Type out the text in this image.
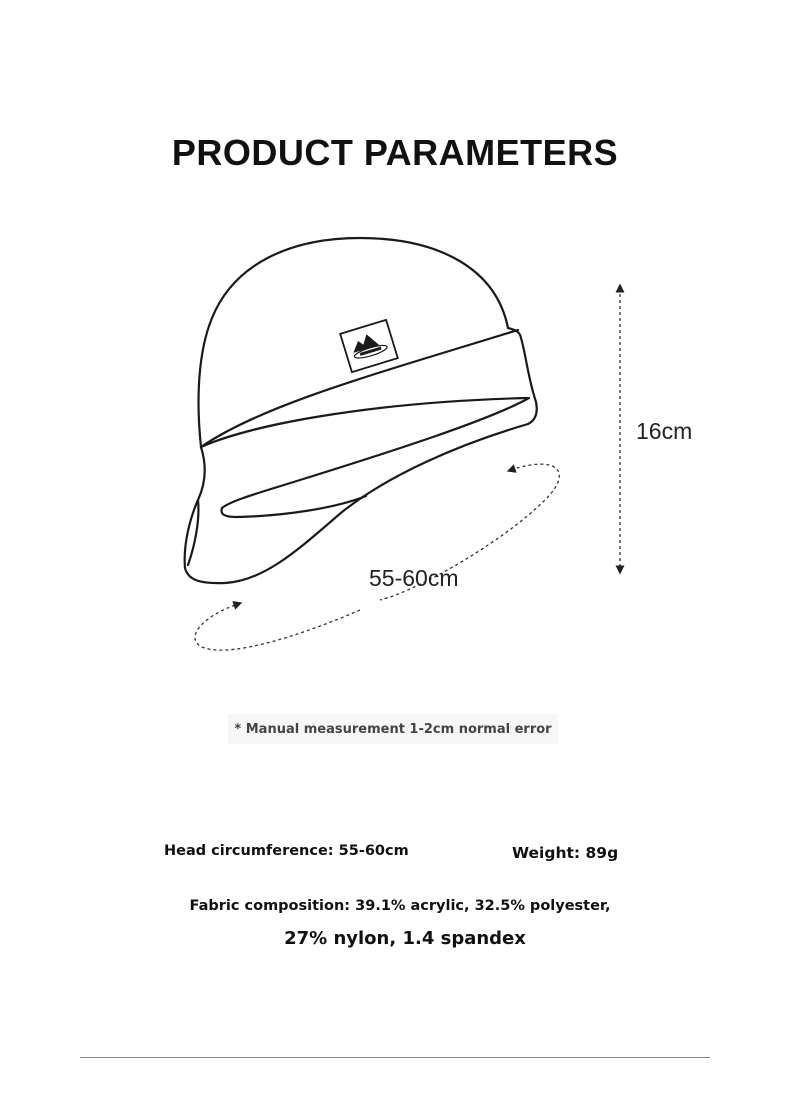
PRODUCT PARAMETERS
16cm
55-60cm
* Manual measurement 1-2cm normal error
Head circumference: 55-60cm	Weight: 89g
Fabric composition: 39.1% acrylic, 32.5% polyester,
27% nylon, 1.4 spandex
